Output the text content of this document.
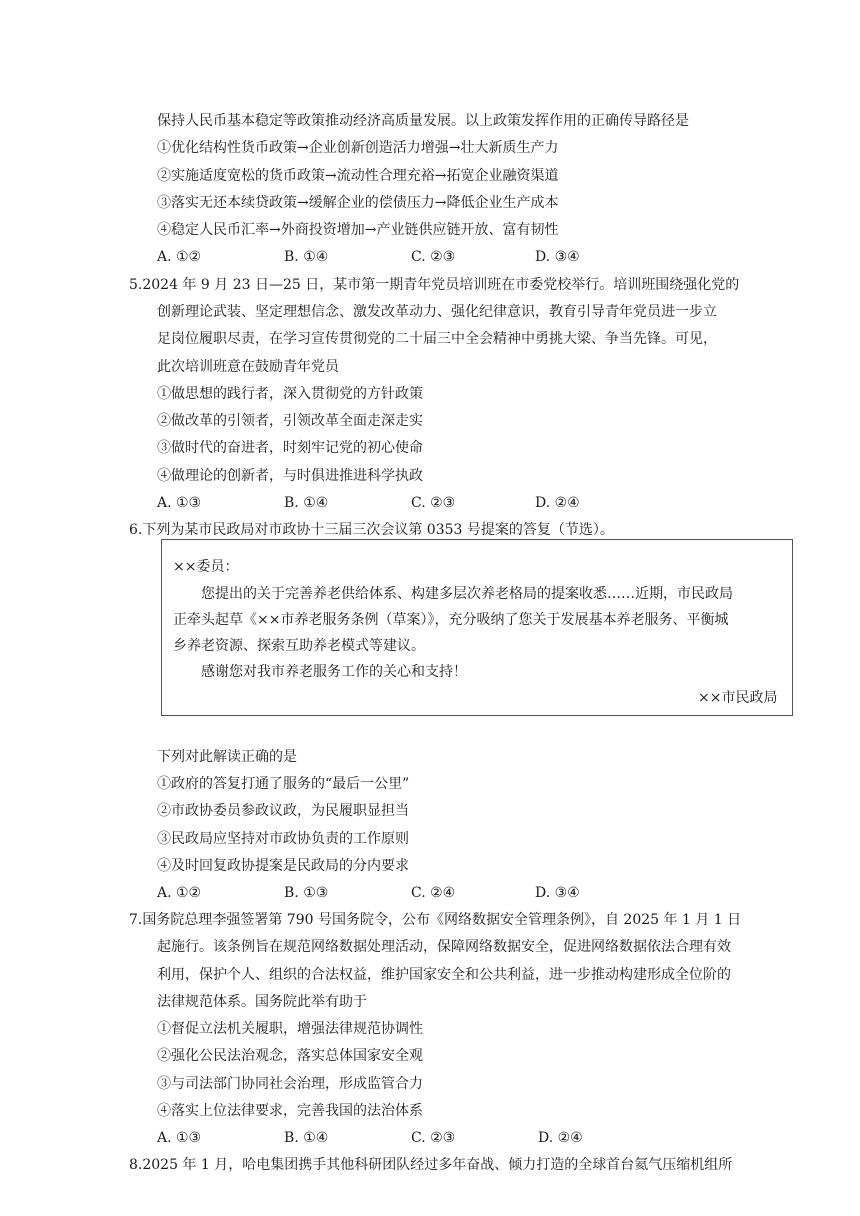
保持人民币基本稳定等政策推动经济高质量发展。以上政策发挥作用的正确传导路径是
①优化结构性货币政策→企业创新创造活力增强→壮大新质生产力
②实施适度宽松的货币政策→流动性合理充裕→拓宽企业融资渠道
③落实无还本续贷政策→缓解企业的偿债压力→降低企业生产成本
④稳定人民币汇率→外商投资增加→产业链供应链开放、富有韧性
A. ①②	B. ①④	C. ②③	D. ③④
5.2024 年 9 月 23 日—25 日，某市第一期青年党员培训班在市委党校举行。培训班围绕强化党的
创新理论武装、坚定理想信念、激发改革动力、强化纪律意识，教育引导青年党员进一步立
足岗位履职尽责，在学习宣传贯彻党的二十届三中全会精神中勇挑大梁、争当先锋。可见，
此次培训班意在鼓励青年党员
①做思想的践行者，深入贯彻党的方针政策
②做改革的引领者，引领改革全面走深走实
③做时代的奋进者，时刻牢记党的初心使命
④做理论的创新者，与时俱进推进科学执政
A. ①③	B. ①④	C. ②③	D. ②④
6.下列为某市民政局对市政协十三届三次会议第 0353 号提案的答复（节选）。
××委员：
您提出的关于完善养老供给体系、构建多层次养老格局的提案收悉……近期，市民政局
正牵头起草《××市养老服务条例（草案）》，充分吸纳了您关于发展基本养老服务、平衡城
乡养老资源、探索互助养老模式等建议。
感谢您对我市养老服务工作的关心和支持！
××市民政局
下列对此解读正确的是
①政府的答复打通了服务的“最后一公里”
②市政协委员参政议政，为民履职显担当
③民政局应坚持对市政协负责的工作原则
④及时回复政协提案是民政局的分内要求
A. ①②	B. ①③	C. ②④	D. ③④
7.国务院总理李强签署第 790 号国务院令，公布《网络数据安全管理条例》，自 2025 年 1 月 1 日
起施行。该条例旨在规范网络数据处理活动，保障网络数据安全，促进网络数据依法合理有效
利用，保护个人、组织的合法权益，维护国家安全和公共利益，进一步推动构建形成全位阶的
法律规范体系。国务院此举有助于
①督促立法机关履职，增强法律规范协调性
②强化公民法治观念，落实总体国家安全观
③与司法部门协同社会治理，形成监管合力
④落实上位法律要求，完善我国的法治体系
A. ①③	B. ①④	C. ②③	D. ②④
8.2025 年 1 月，哈电集团携手其他科研团队经过多年奋战、倾力打造的全球首台氦气压缩机组所
